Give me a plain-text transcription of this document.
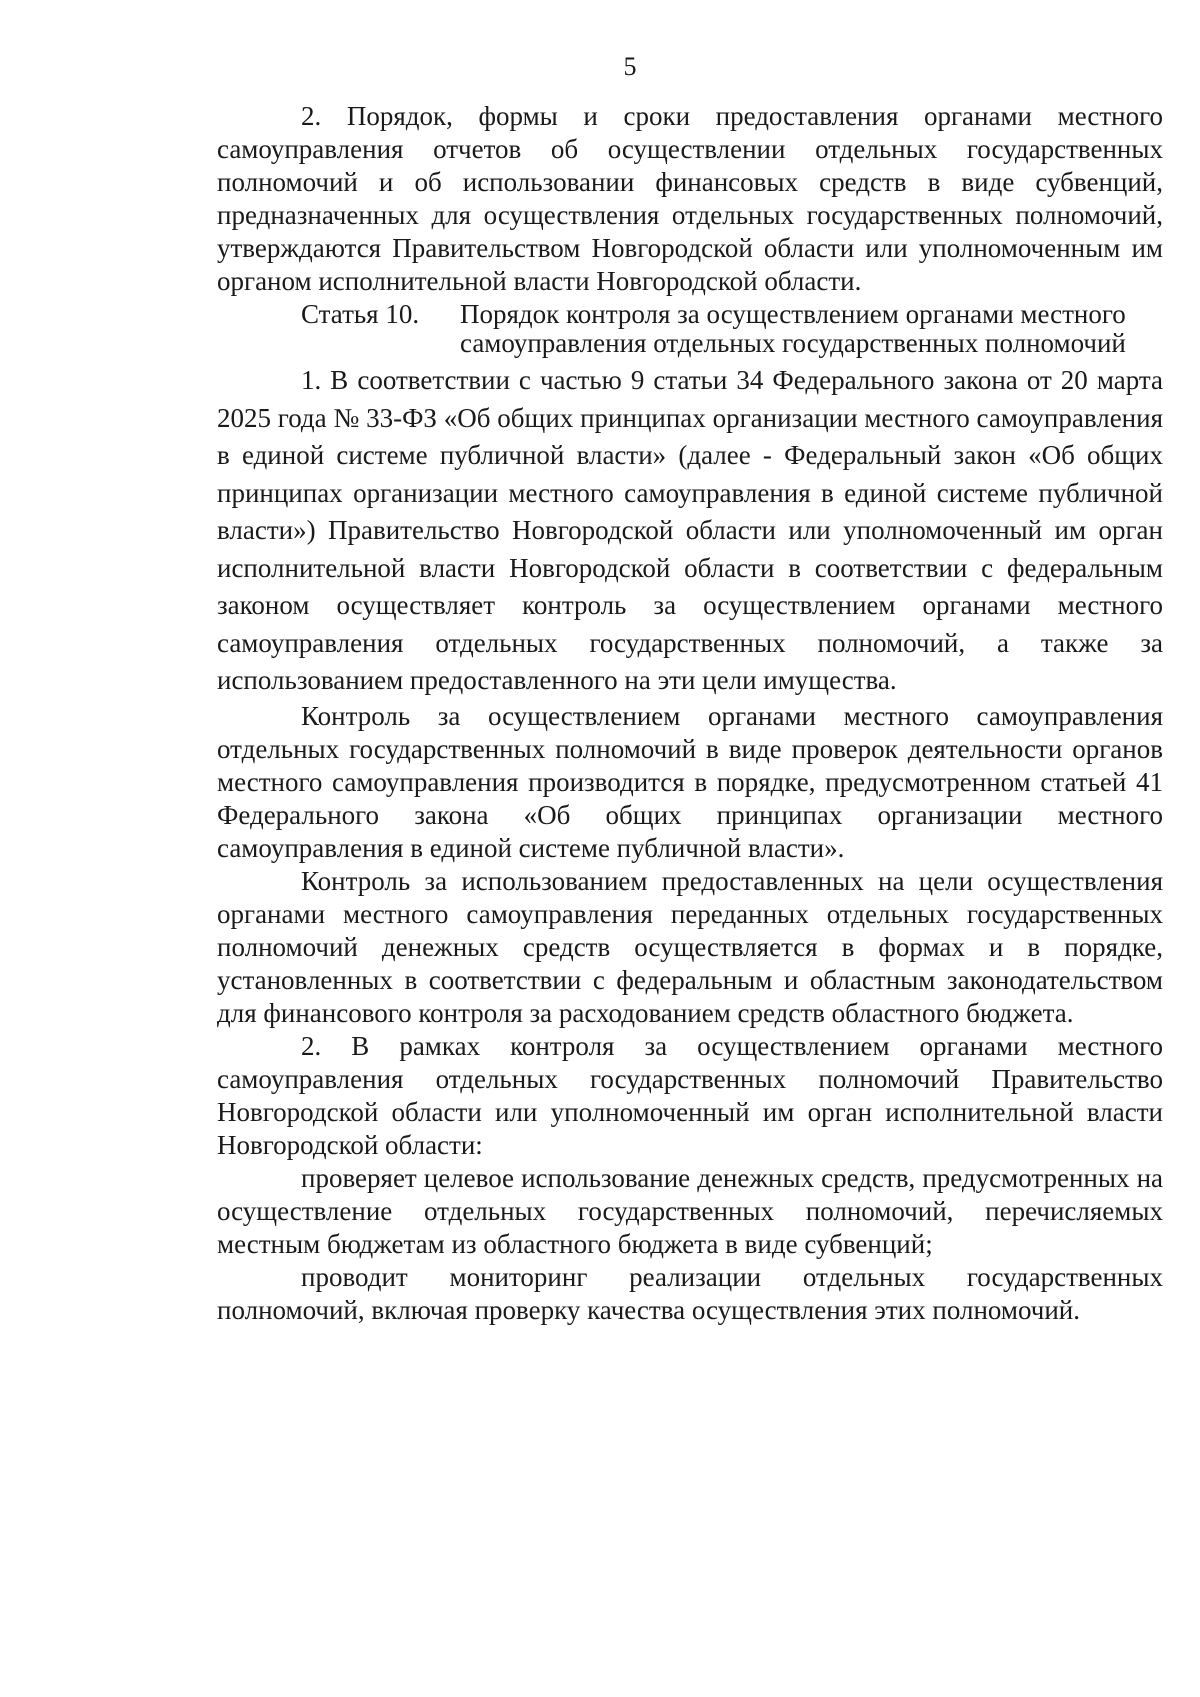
5

2. Порядок, формы и сроки предоставления органами местного самоуправления отчетов об осуществлении отдельных государственных полномочий и об использовании финансовых средств в виде субвенций, предназначенных для осуществления отдельных государственных полномочий, утверждаются Правительством Новгородской области или уполномоченным им органом исполнительной власти Новгородской области.

Статья 10.	Порядок контроля за осуществлением органами местного самоуправления отдельных государственных полномочий

1. В соответствии с частью 9 статьи 34 Федерального закона от 20 марта 2025 года № 33-ФЗ «Об общих принципах организации местного самоуправления в единой системе публичной власти» (далее - Федеральный закон «Об общих принципах организации местного самоуправления в единой системе публичной власти») Правительство Новгородской области или уполномоченный им орган исполнительной власти Новгородской области в соответствии с федеральным законом осуществляет контроль за осуществлением органами местного самоуправления отдельных государственных полномочий, а также за использованием предоставленного на эти цели имущества.

Контроль за осуществлением органами местного самоуправления отдельных государственных полномочий в виде проверок деятельности органов местного самоуправления производится в порядке, предусмотренном статьей 41 Федерального закона «Об общих принципах организации местного самоуправления в единой системе публичной власти».

Контроль за использованием предоставленных на цели осуществления органами местного самоуправления переданных отдельных государственных полномочий денежных средств осуществляется в формах и в порядке, установленных в соответствии с федеральным и областным законодательством для финансового контроля за расходованием средств областного бюджета.

2. В рамках контроля за осуществлением органами местного самоуправления отдельных государственных полномочий Правительство Новгородской области или уполномоченный им орган исполнительной власти Новгородской области:

проверяет целевое использование денежных средств, предусмотренных на осуществление отдельных государственных полномочий, перечисляемых местным бюджетам из областного бюджета в виде субвенций;

проводит мониторинг реализации отдельных государственных полномочий, включая проверку качества осуществления этих полномочий.
